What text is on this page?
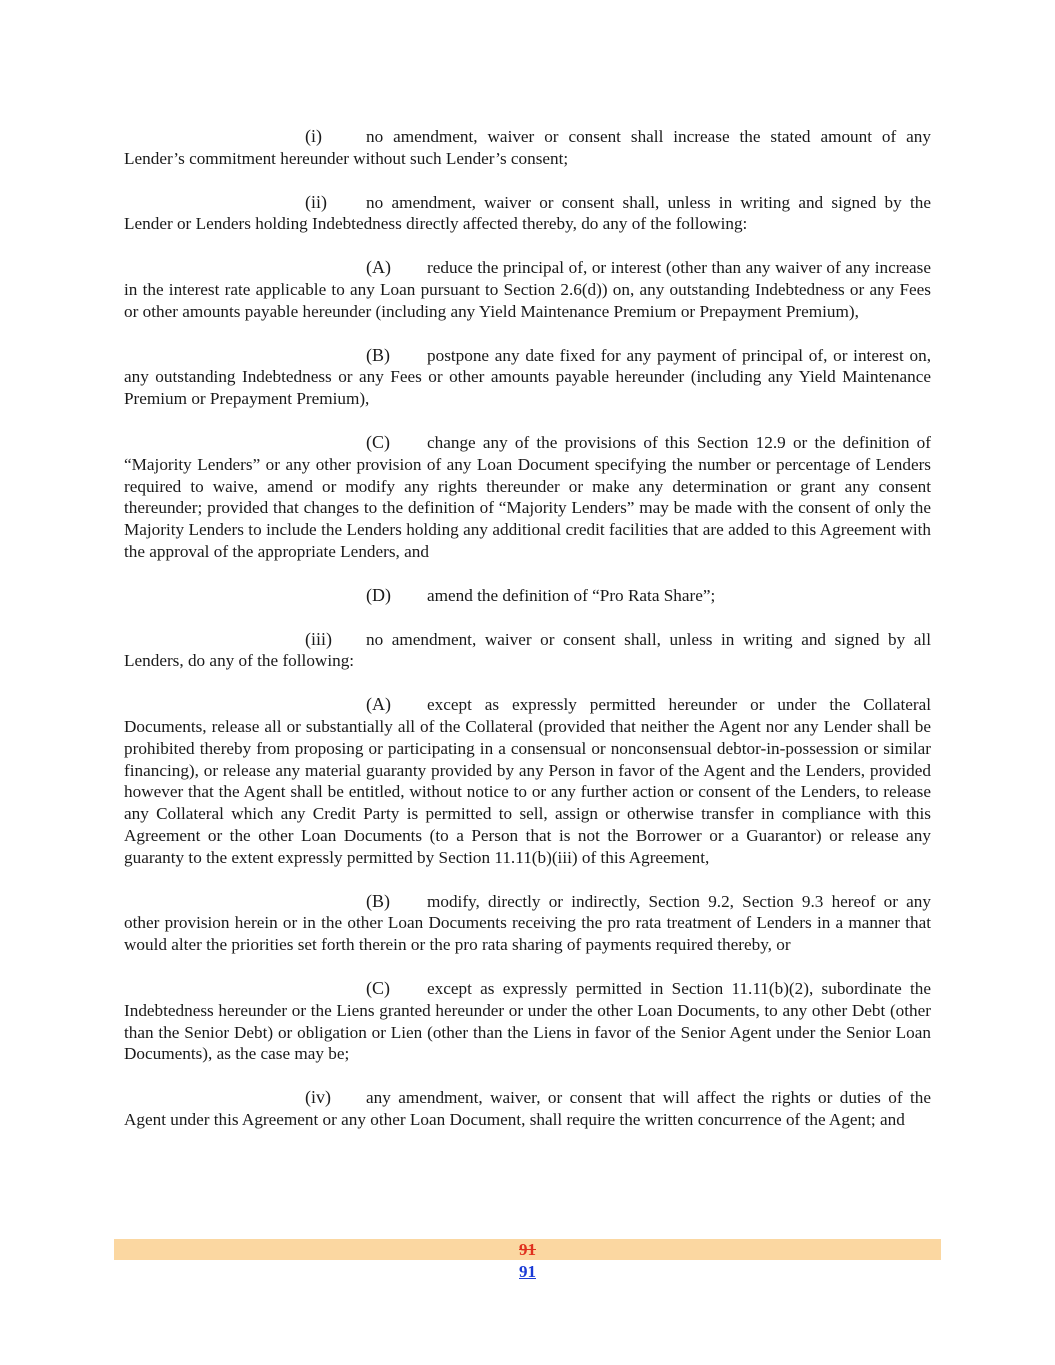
(i)	no amendment, waiver or consent shall increase the stated amount of any Lender’s commitment hereunder without such Lender’s consent;

(ii) no amendment, waiver or consent shall, unless in writing and signed by the Lender or Lenders holding Indebtedness directly affected thereby, do any of the following:

(A) reduce the principal of, or interest (other than any waiver of any increase in the interest rate applicable to any Loan pursuant to Section 2.6(d)) on, any outstanding Indebtedness or any Fees or other amounts payable hereunder (including any Yield Maintenance Premium or Prepayment Premium),

(B) postpone any date fixed for any payment of principal of, or interest on, any outstanding Indebtedness or any Fees or other amounts payable hereunder (including any Yield Maintenance Premium or Prepayment Premium),

(C) change any of the provisions of this Section 12.9 or the definition of “Majority Lenders” or any other provision of any Loan Document specifying the number or percentage of Lenders required to waive, amend or modify any rights thereunder or make any determination or grant any consent thereunder; provided that changes to the definition of “Majority Lenders” may be made with the consent of only the Majority Lenders to include the Lenders holding any additional credit facilities that are added to this Agreement with the approval of the appropriate Lenders, and

(D) amend the definition of “Pro Rata Share”;

(iii) no amendment, waiver or consent shall, unless in writing and signed by all Lenders, do any of the following:

(A) except as expressly permitted hereunder or under the Collateral Documents, release all or substantially all of the Collateral (provided that neither the Agent nor any Lender shall be prohibited thereby from proposing or participating in a consensual or nonconsensual debtor-in-possession or similar financing), or release any material guaranty provided by any Person in favor of the Agent and the Lenders, provided however that the Agent shall be entitled, without notice to or any further action or consent of the Lenders, to release any Collateral which any Credit Party is permitted to sell, assign or otherwise transfer in compliance with this Agreement or the other Loan Documents (to a Person that is not the Borrower or a Guarantor) or release any guaranty to the extent expressly permitted by Section 11.11(b)(iii) of this Agreement,

(B) modify, directly or indirectly, Section 9.2, Section 9.3 hereof or any other provision herein or in the other Loan Documents receiving the pro rata treatment of Lenders in a manner that would alter the priorities set forth therein or the pro rata sharing of payments required thereby, or

(C) except as expressly permitted in Section 11.11(b)(2), subordinate the Indebtedness hereunder or the Liens granted hereunder or under the other Loan Documents, to any other Debt (other than the Senior Debt) or obligation or Lien (other than the Liens in favor of the Senior Agent under the Senior Loan Documents), as the case may be;

(iv) any amendment, waiver, or consent that will affect the rights or duties of the Agent under this Agreement or any other Loan Document, shall require the written concurrence of the Agent; and

91
91
